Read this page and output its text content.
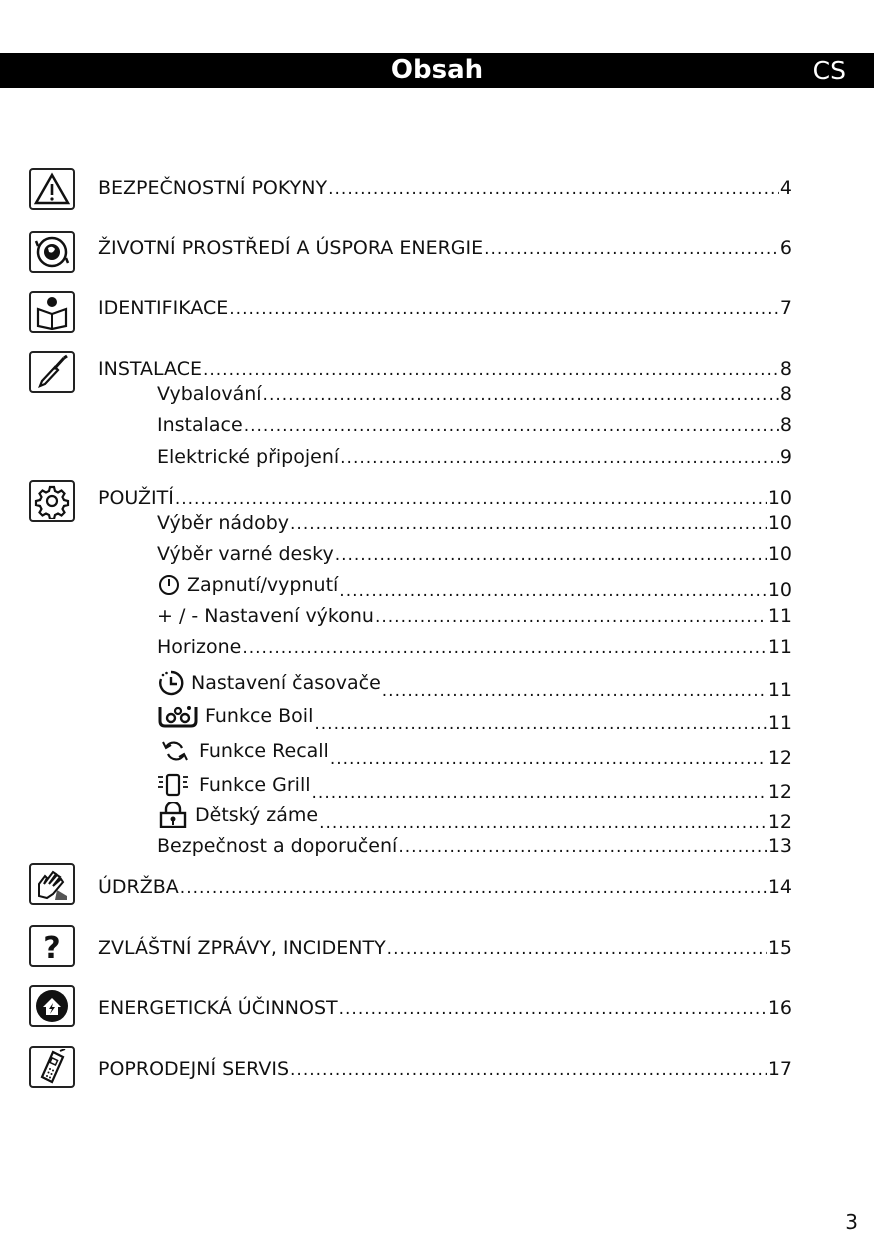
Obsah	CS
?
BEZPEČNOSTNÍ POKYNY .....	4
ŽIVOTNÍ PROSTŘEDÍ A ÚSPORA ENERGIE .....	6
IDENTIFIKACE .....	7
INSTALACE .....	8
Vybalování .....	8
Instalace .....	8
Elektrické připojení .....	9
POUŽITÍ .....	10
Výběr nádoby .....	10
Výběr varné desky .....	10
Zapnutí/vypnutí .....	10
+ / - Nastavení výkonu .....	11
Horizone .....	11
Nastavení časovače .....	11
Funkce Boil .....	11
Funkce Recall .....	12
Funkce Grill .....	12
Dětský záme .....	12
Bezpečnost a doporučení .....	13
ÚDRŽBA .....	14
ZVLÁŠTNÍ ZPRÁVY, INCIDENTY .....	15
ENERGETICKÁ ÚČINNOST .....	16
POPRODEJNÍ SERVIS .....	17
3
